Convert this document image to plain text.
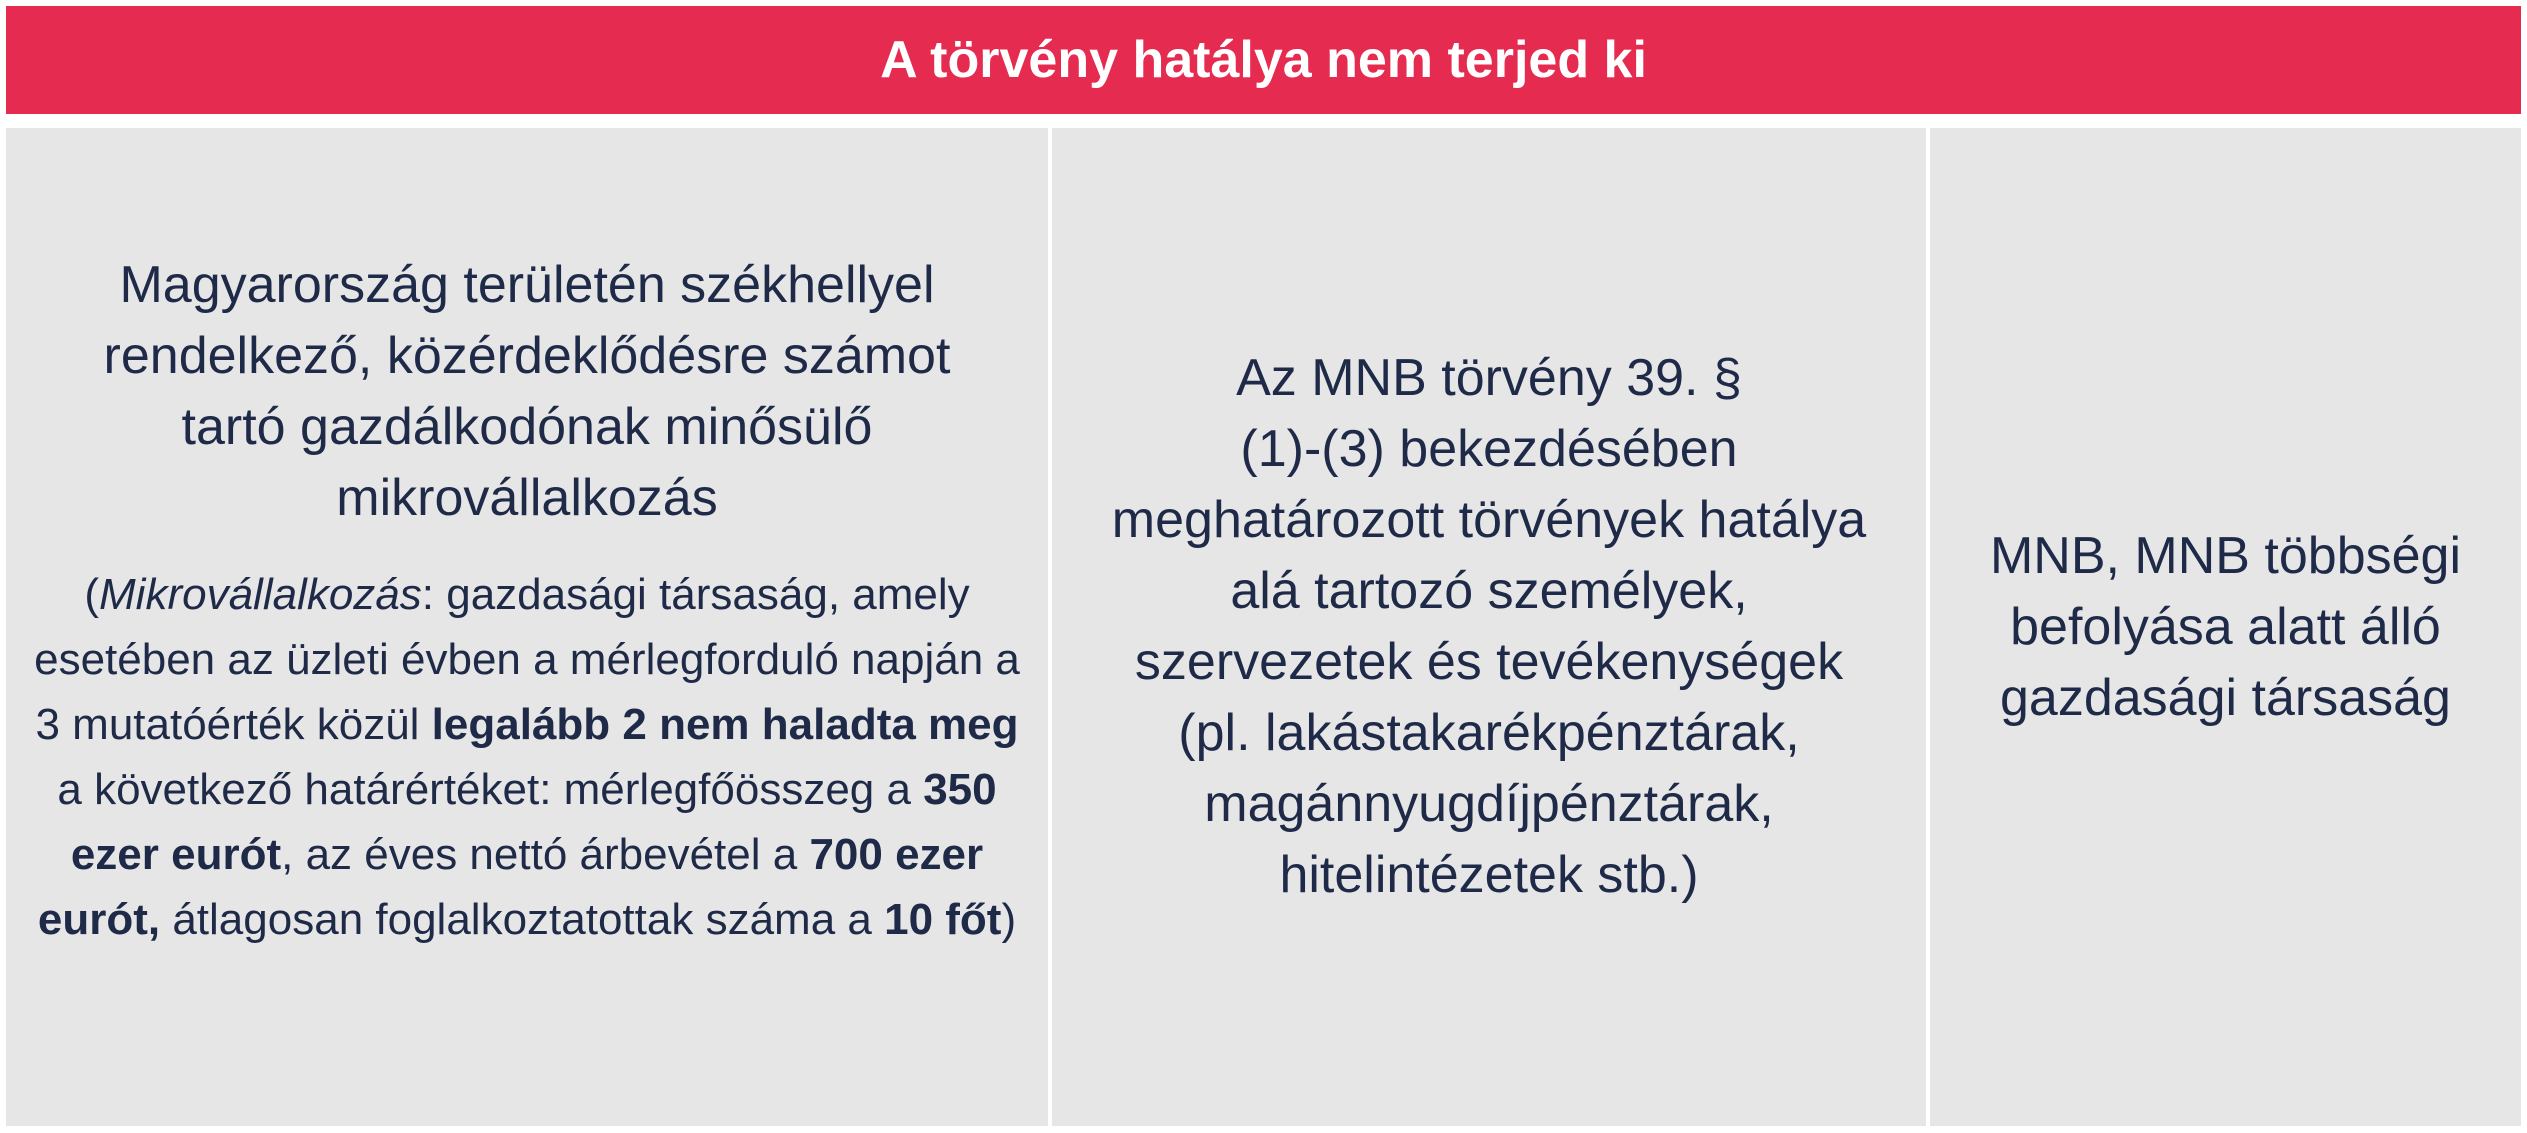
A törvény hatálya nem terjed ki

Magyarország területén székhellyel
rendelkező, közérdeklődésre számot
tartó gazdálkodónak minősülő
mikrovállalkozás

(Mikrovállalkozás: gazdasági társaság, amely esetében az üzleti évben a mérlegforduló napján a 3 mutatóérték közül legalább 2 nem haladta meg a következő határértéket: mérlegfőösszeg a 350 ezer eurót, az éves nettó árbevétel a 700 ezer eurót, átlagosan foglalkoztatottak száma a 10 főt)

Az MNB törvény 39. §
(1)-(3) bekezdésében
meghatározott törvények hatálya
alá tartozó személyek,
szervezetek és tevékenységek
(pl. lakástakarékpénztárak,
magánnyugdíjpénztárak,
hitelintézetek stb.)

MNB, MNB többségi
befolyása alatt álló
gazdasági társaság
